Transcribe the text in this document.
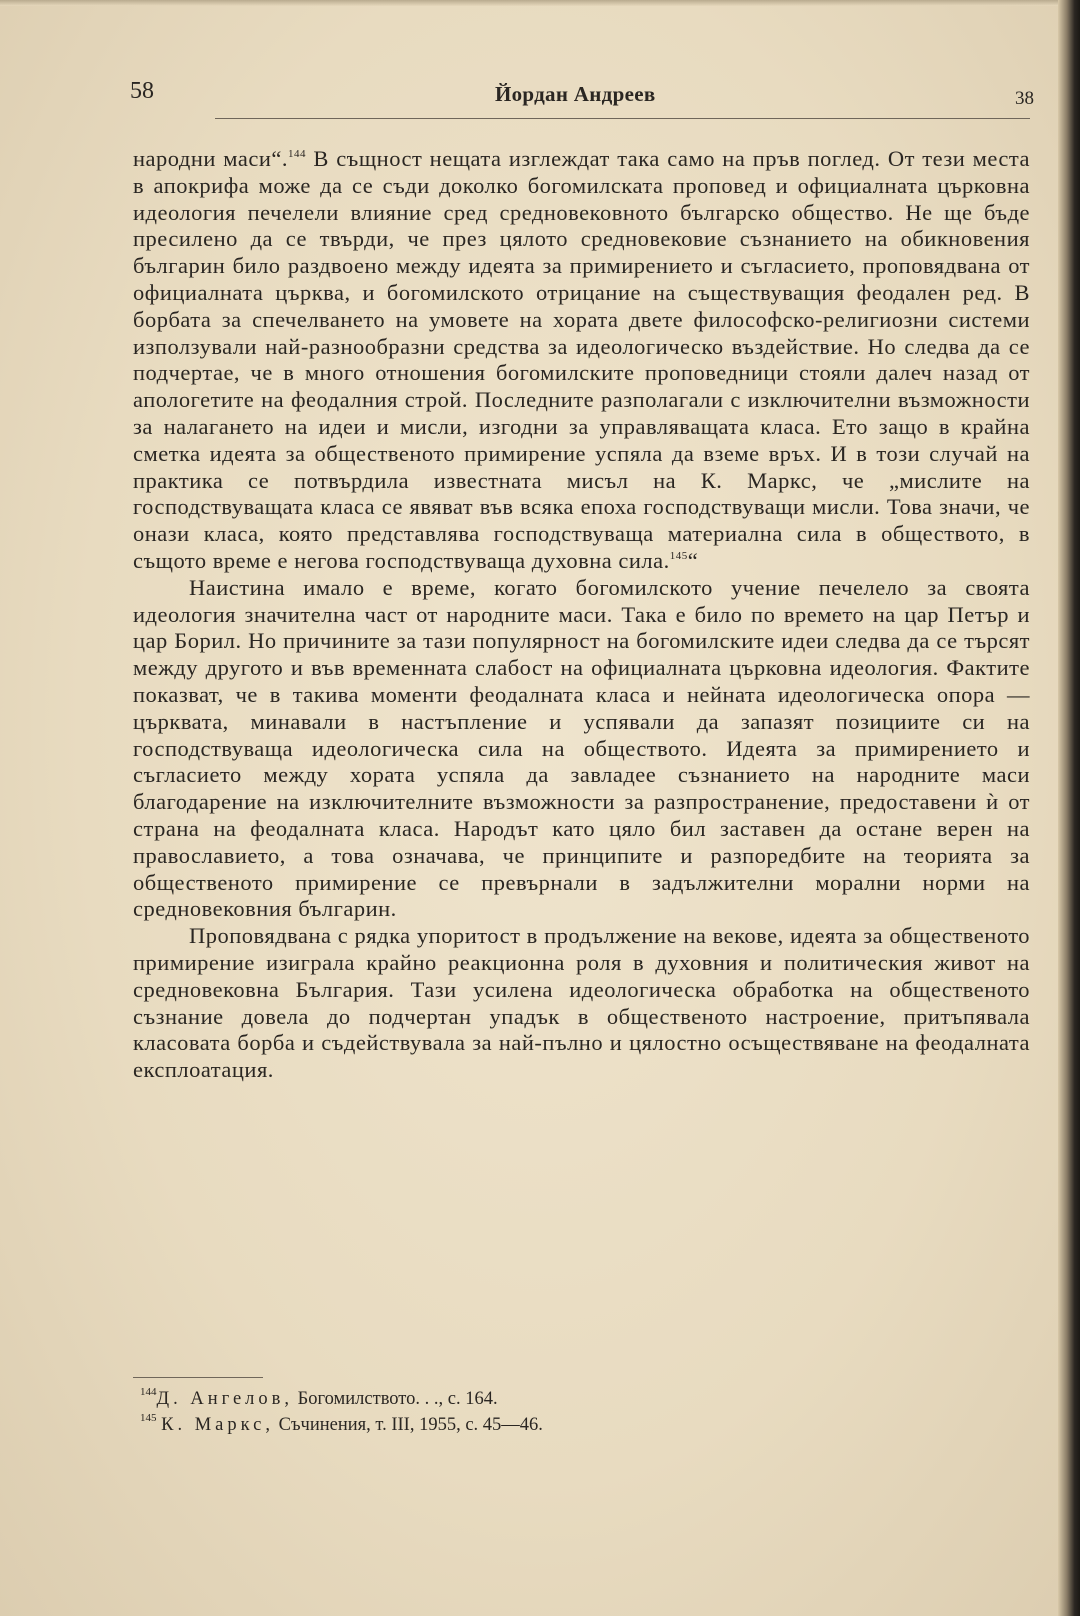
58	Йордан Андреев	38

народни маси“.$^{144}$ В същност нещата изглеждат така само на пръв поглед. От тези места в апокрифа може да се съди доколко богомилската проповед и официалната църковна идеология печелели влияние сред средновековното българско общество. Не ще бъде пресилено да се твърди, че през цялото средновековие съзнанието на обикновения българин било раздвоено между идеята за примирението и съгласието, проповядвана от официалната църква, и богомилското отрицание на съществуващия феодален ред. В борбата за спечелването на умовете на хората двете философско-религиозни системи използували най-разнообразни средства за идеологическо въздействие. Но следва да се подчертае, че в много отношения богомилските проповедници стояли далеч назад от апологетите на феодалния строй. Последните разполагали с изключителни възможности за налагането на идеи и мисли, изгодни за управляващата класа. Ето защо в крайна сметка идеята за общественото примирение успяла да вземе връх. И в този случай на практика се потвърдила известната мисъл на К. Маркс, че „мислите на господствуващата класа се явяват във всяка епоха господствуващи мисли. Това значи, че онази класа, която представлява господствуваща материална сила в обществото, в същото време е негова господствуваща духовна сила.$^{145}$“

Наистина имало е време, когато богомилското учение печелело за своята идеология значителна част от народните маси. Така е било по времето на цар Петър и цар Борил. Но причините за тази популярност на богомилските идеи следва да се търсят между другото и във временната слабост на официалната църковна идеология. Фактите показват, че в такива моменти феодалната класа и нейната идеологическа опора — църквата, минавали в настъпление и успявали да запазят позициите си на господствуваща идеологическа сила на обществото. Идеята за примирението и съгласието между хората успяла да завладее съзнанието на народните маси благодарение на изключителните възможности за разпространение, предоставени ѝ от страна на феодалната класа. Народът като цяло бил заставен да остане верен на православието, а това означава, че принципите и разпоредбите на теорията за общественото примирение се превърнали в задължителни морални норми на средновековния българин.

Проповядвана с рядка упоритост в продължение на векове, идеята за общественото примирение изиграла крайно реакционна роля в духовния и политическия живот на средновековна България. Тази усилена идеологическа обработка на общественото съзнание довела до подчертан упадък в общественото настроение, притъпявала класовата борба и съдействувала за най-пълно и цялостно осъществяване на феодалната експлоатация.

$^{144}$Д. Ангелов, Богомилството. . ., с. 164.

$^{145}$ К. Маркс, Съчинения, т. III, 1955, с. 45—46.
